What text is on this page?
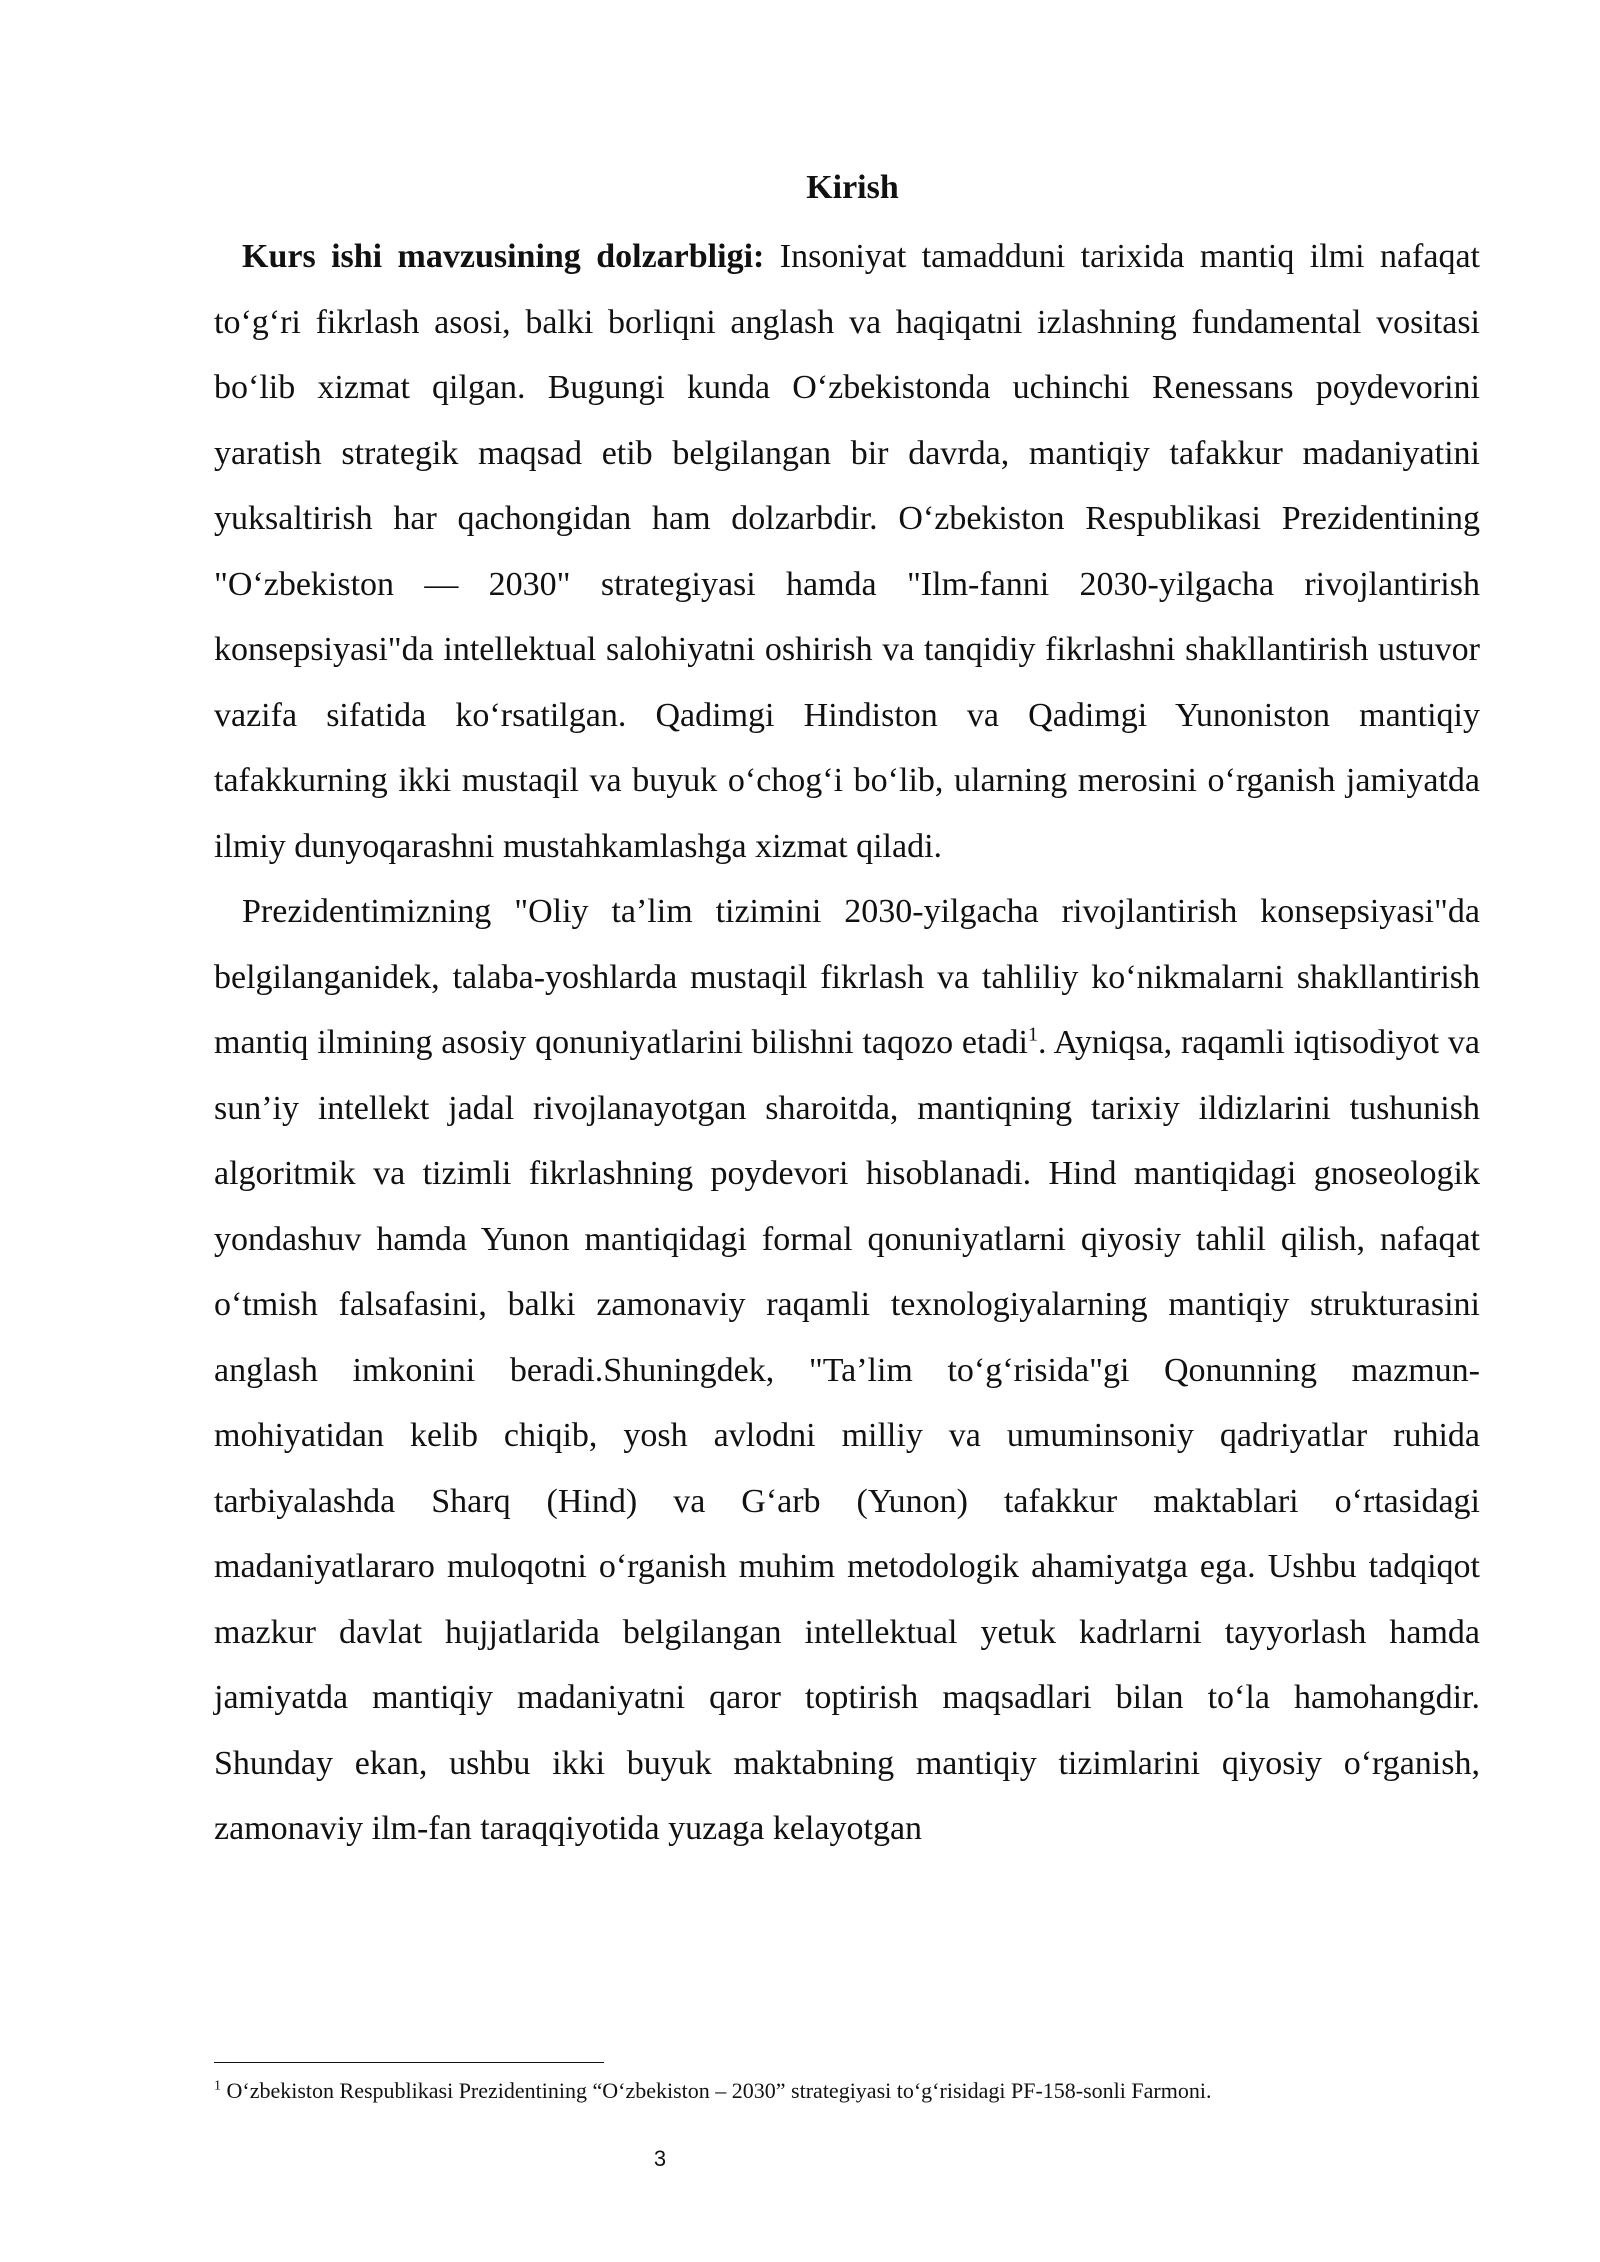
Kirish

Kurs ishi mavzusining dolzarbligi: Insoniyat tamadduni tarixida mantiq ilmi nafaqat to‘g‘ri fikrlash asosi, balki borliqni anglash va haqiqatni izlashning fundamental vositasi bo‘lib xizmat qilgan. Bugungi kunda O‘zbekistonda uchinchi Renessans poydevorini yaratish strategik maqsad etib belgilangan bir davrda, mantiqiy tafakkur madaniyatini yuksaltirish har qachongidan ham dolzarbdir. O‘zbekiston Respublikasi Prezidentining "O‘zbekiston — 2030" strategiyasi hamda "Ilm-fanni 2030-yilgacha rivojlantirish konsepsiyasi"da intellektual salohiyatni oshirish va tanqidiy fikrlashni shakllantirish ustuvor vazifa sifatida ko‘rsatilgan. Qadimgi Hindiston va Qadimgi Yunoniston mantiqiy tafakkurning ikki mustaqil va buyuk o‘chog‘i bo‘lib, ularning merosini o‘rganish jamiyatda ilmiy dunyoqarashni mustahkamlashga xizmat qiladi.

Prezidentimizning "Oliy ta’lim tizimini 2030-yilgacha rivojlantirish konsepsiyasi"da belgilanganidek, talaba-yoshlarda mustaqil fikrlash va tahliliy ko‘nikmalarni shakllantirish mantiq ilmining asosiy qonuniyatlarini bilishni taqozo etadi$^1$. Ayniqsa, raqamli iqtisodiyot va sun’iy intellekt jadal rivojlanayotgan sharoitda, mantiqning tarixiy ildizlarini tushunish algoritmik va tizimli fikrlashning poydevori hisoblanadi. Hind mantiqidagi gnoseologik yondashuv hamda Yunon mantiqidagi formal qonuniyatlarni qiyosiy tahlil qilish, nafaqat o‘tmish falsafasini, balki zamonaviy raqamli texnologiyalarning mantiqiy strukturasini anglash imkonini beradi.Shuningdek, "Ta’lim to‘g‘risida"gi Qonunning mazmun-mohiyatidan kelib chiqib, yosh avlodni milliy va umuminsoniy qadriyatlar ruhida tarbiyalashda Sharq (Hind) va G‘arb (Yunon) tafakkur maktablari o‘rtasidagi madaniyatlararo muloqotni o‘rganish muhim metodologik ahamiyatga ega. Ushbu tadqiqot mazkur davlat hujjatlarida belgilangan intellektual yetuk kadrlarni tayyorlash hamda jamiyatda mantiqiy madaniyatni qaror toptirish maqsadlari bilan to‘la hamohangdir. Shunday ekan, ushbu ikki buyuk maktabning mantiqiy tizimlarini qiyosiy o‘rganish, zamonaviy ilm-fan taraqqiyotida yuzaga kelayotgan

$^1$ O‘zbekiston Respublikasi Prezidentining “O‘zbekiston – 2030” strategiyasi to‘g‘risidagi PF-158-sonli Farmoni.
3
